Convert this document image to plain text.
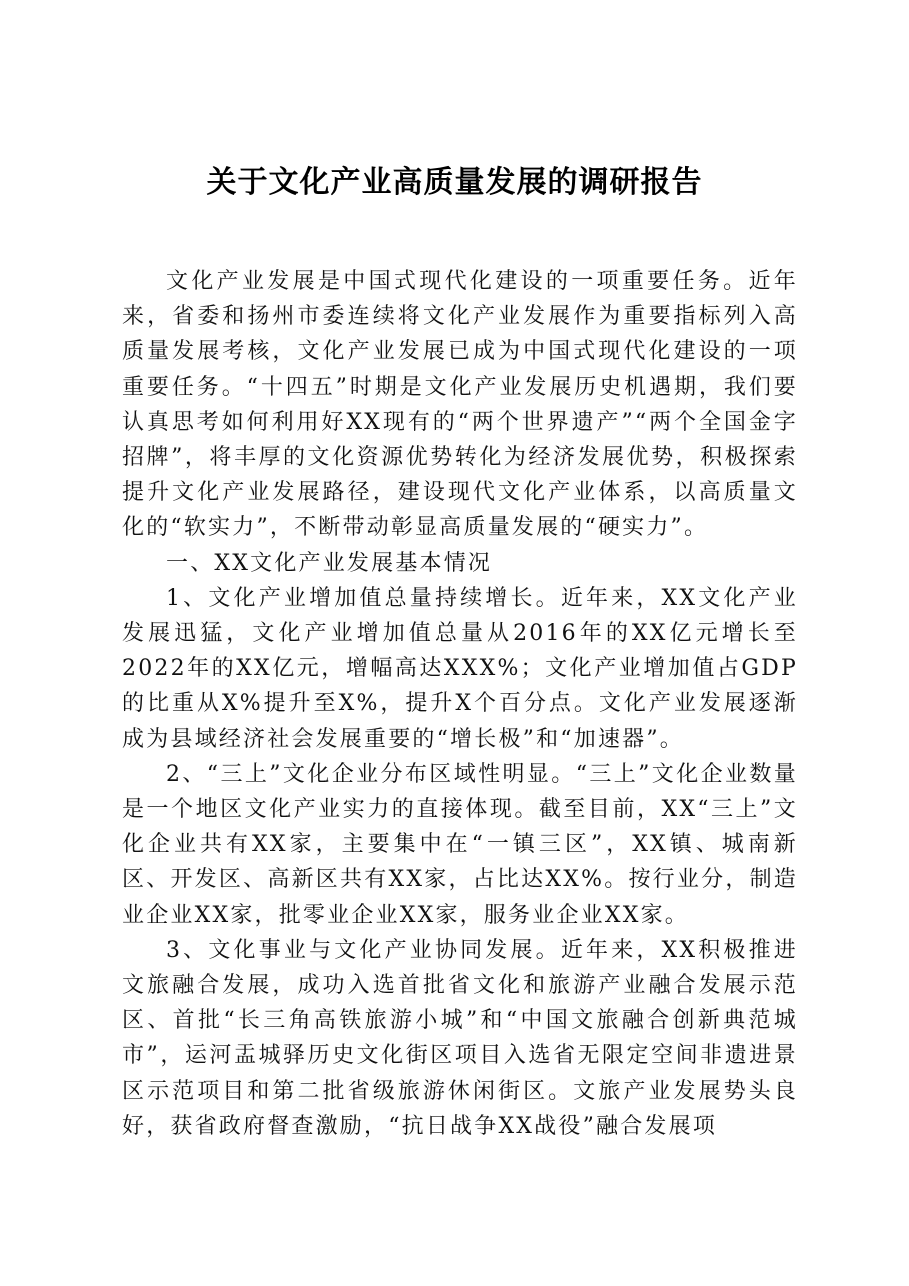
关于文化产业高质量发展的调研报告

文化产业发展是中国式现代化建设的一项重要任务。近年来，省委和扬州市委连续将文化产业发展作为重要指标列入高质量发展考核，文化产业发展已成为中国式现代化建设的一项重要任务。“十四五”时期是文化产业发展历史机遇期，我们要认真思考如何利用好XX现有的“两个世界遗产”“两个全国金字招牌”，将丰厚的文化资源优势转化为经济发展优势，积极探索提升文化产业发展路径，建设现代文化产业体系，以高质量文化的“软实力”，不断带动彰显高质量发展的“硬实力”。

一、XX文化产业发展基本情况

1、文化产业增加值总量持续增长。近年来，XX文化产业发展迅猛，文化产业增加值总量从2016年的XX亿元增长至2022年的XX亿元，增幅高达XXX%；文化产业增加值占GDP的比重从X%提升至X%，提升X个百分点。文化产业发展逐渐成为县域经济社会发展重要的“增长极”和“加速器”。

2、“三上”文化企业分布区域性明显。“三上”文化企业数量是一个地区文化产业实力的直接体现。截至目前，XX“三上”文化企业共有XX家，主要集中在“一镇三区”，XX镇、城南新区、开发区、高新区共有XX家，占比达XX%。按行业分，制造业企业XX家，批零业企业XX家，服务业企业XX家。

3、文化事业与文化产业协同发展。近年来，XX积极推进文旅融合发展，成功入选首批省文化和旅游产业融合发展示范区、首批“长三角高铁旅游小城”和“中国文旅融合创新典范城市”，运河盂城驿历史文化街区项目入选省无限定空间非遗进景区示范项目和第二批省级旅游休闲街区。文旅产业发展势头良好，获省政府督查激励，“抗日战争XX战役”融合发展项
